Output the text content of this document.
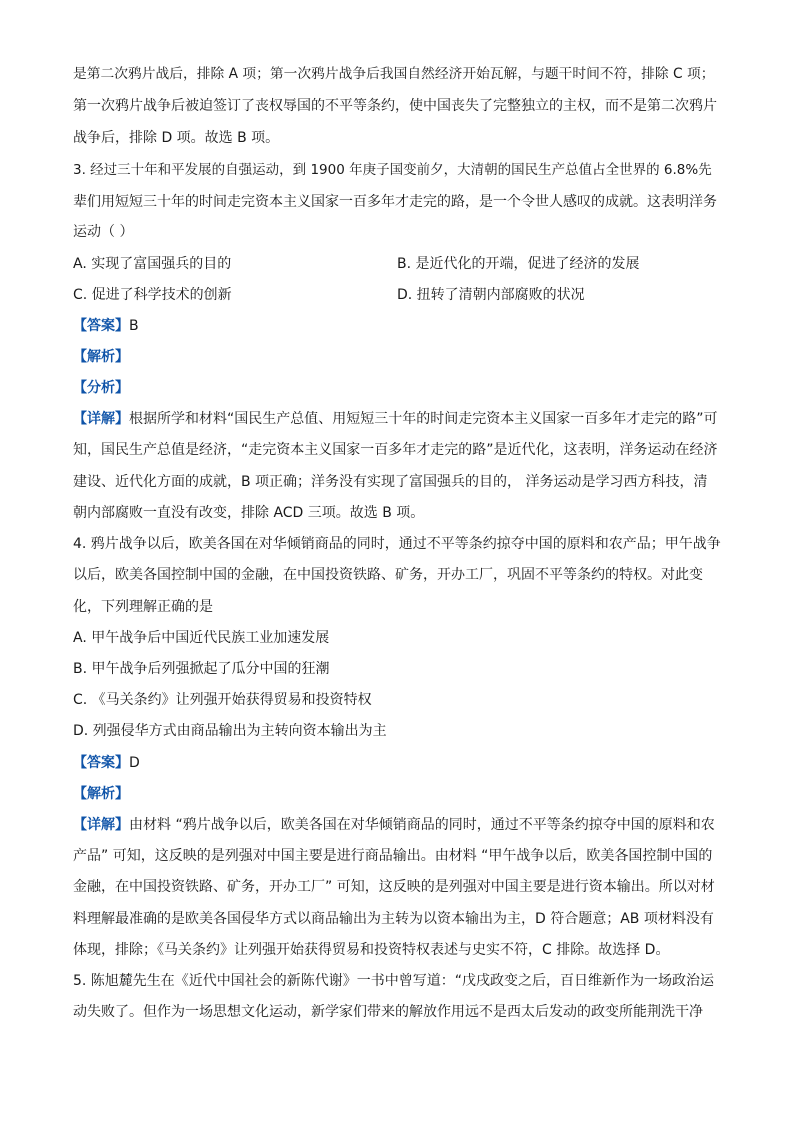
是第二次鸦片战后，排除 A 项；第一次鸦片战争后我国自然经济开始瓦解，与题干时间不符，排除 C 项；
第一次鸦片战争后被迫签订了丧权辱国的不平等条约，使中国丧失了完整独立的主权，而不是第二次鸦片
战争后，排除 D 项。故选 B 项。
3. 经过三十年和平发展的自强运动，到 1900 年庚子国变前夕，大清朝的国民生产总值占全世界的 6.8%先
辈们用短短三十年的时间走完资本主义国家一百多年才走完的路，是一个令世人感叹的成就。这表明洋务
运动（ ）
A. 实现了富国强兵的目的	B. 是近代化的开端，促进了经济的发展
C. 促进了科学技术的创新	D. 扭转了清朝内部腐败的状况
【答案】B
【解析】
【分析】
【详解】根据所学和材料“国民生产总值、用短短三十年的时间走完资本主义国家一百多年才走完的路”可
知，国民生产总值是经济，“走完资本主义国家一百多年才走完的路”是近代化，这表明，洋务运动在经济
建设、近代化方面的成就，B 项正确；洋务没有实现了富国强兵的目的， 洋务运动是学习西方科技，清
朝内部腐败一直没有改变，排除 ACD 三项。故选 B 项。
4. 鸦片战争以后，欧美各国在对华倾销商品的同时，通过不平等条约掠夺中国的原料和农产品；甲午战争
以后，欧美各国控制中国的金融，在中国投资铁路、矿务，开办工厂，巩固不平等条约的特权。对此变
化，下列理解正确的是
A. 甲午战争后中国近代民族工业加速发展
B. 甲午战争后列强掀起了瓜分中国的狂潮
C. 《马关条约》让列强开始获得贸易和投资特权
D. 列强侵华方式由商品输出为主转向资本输出为主
【答案】D
【解析】
【详解】由材料 “鸦片战争以后，欧美各国在对华倾销商品的同时，通过不平等条约掠夺中国的原料和农
产品” 可知，这反映的是列强对中国主要是进行商品输出。由材料 “甲午战争以后，欧美各国控制中国的
金融，在中国投资铁路、矿务，开办工厂” 可知，这反映的是列强对中国主要是进行资本输出。所以对材
料理解最准确的是欧美各国侵华方式以商品输出为主转为以资本输出为主，D 符合题意；AB 项材料没有
体现，排除；《马关条约》让列强开始获得贸易和投资特权表述与史实不符，C 排除。故选择 D。
5. 陈旭麓先生在《近代中国社会的新陈代谢》一书中曾写道：“戊戌政变之后，百日维新作为一场政治运
动失败了。但作为一场思想文化运动，新学家们带来的解放作用远不是西太后发动的政变所能荆洗干净
